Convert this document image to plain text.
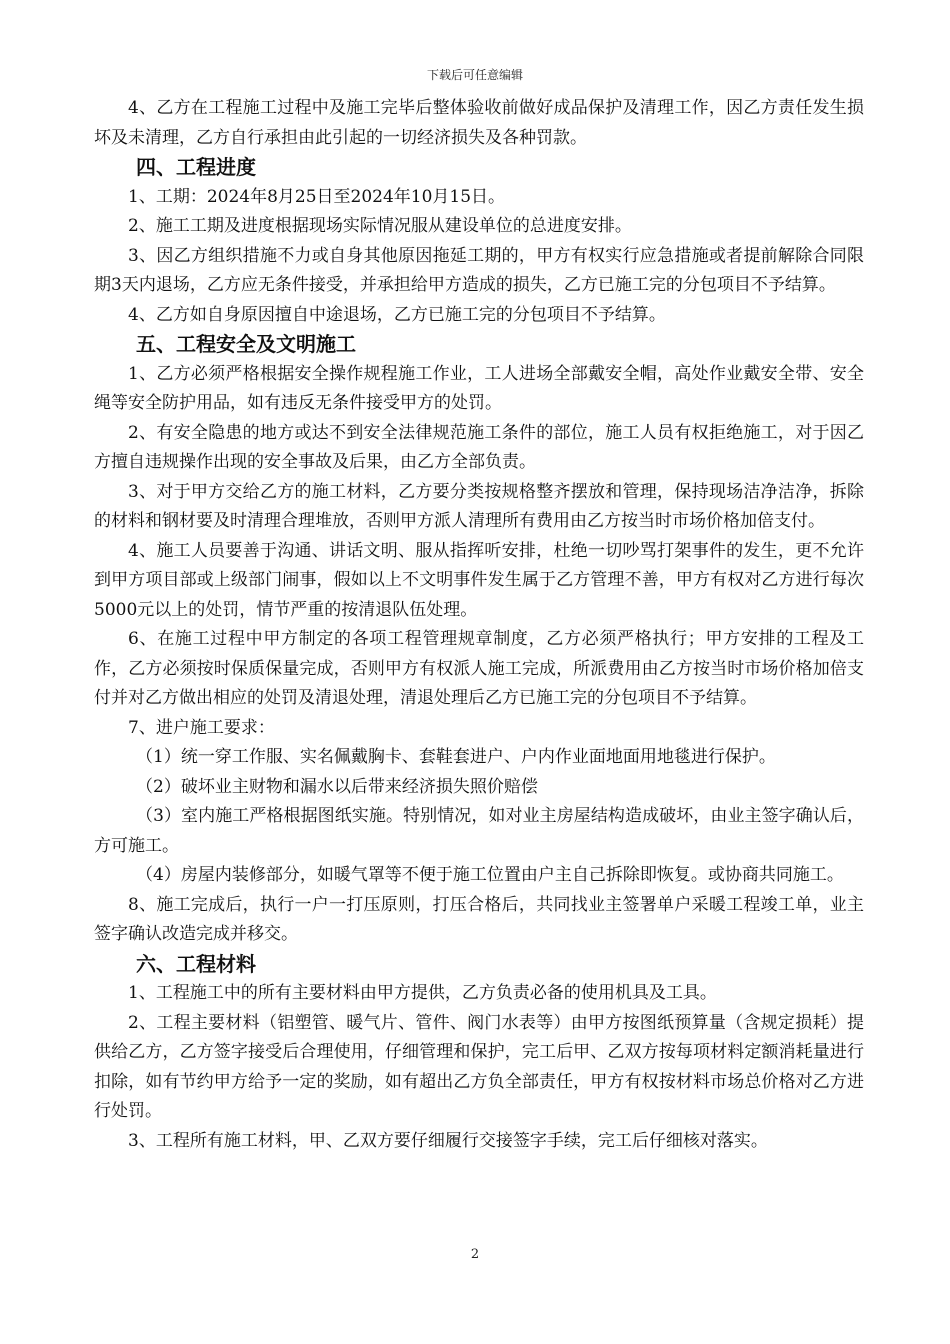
下载后可任意编辑

4、乙方在工程施工过程中及施工完毕后整体验收前做好成品保护及清理工作，因乙方责任发生损坏及未清理，乙方自行承担由此引起的一切经济损失及各种罚款。

四、工程进度

1、工期：2024年8月25日至2024年10月15日。

2、施工工期及进度根据现场实际情况服从建设单位的总进度安排。

3、因乙方组织措施不力或自身其他原因拖延工期的，甲方有权实行应急措施或者提前解除合同限期3天内退场，乙方应无条件接受，并承担给甲方造成的损失，乙方已施工完的分包项目不予结算。

4、乙方如自身原因擅自中途退场，乙方已施工完的分包项目不予结算。

五、工程安全及文明施工

1、乙方必须严格根据安全操作规程施工作业，工人进场全部戴安全帽，高处作业戴安全带、安全绳等安全防护用品，如有违反无条件接受甲方的处罚。

2、有安全隐患的地方或达不到安全法律规范施工条件的部位，施工人员有权拒绝施工，对于因乙方擅自违规操作出现的安全事故及后果，由乙方全部负责。

3、对于甲方交给乙方的施工材料，乙方要分类按规格整齐摆放和管理，保持现场洁净洁净，拆除的材料和钢材要及时清理合理堆放，否则甲方派人清理所有费用由乙方按当时市场价格加倍支付。

4、施工人员要善于沟通、讲话文明、服从指挥听安排，杜绝一切吵骂打架事件的发生，更不允许到甲方项目部或上级部门闹事，假如以上不文明事件发生属于乙方管理不善，甲方有权对乙方进行每次5000元以上的处罚，情节严重的按清退队伍处理。

6、在施工过程中甲方制定的各项工程管理规章制度，乙方必须严格执行；甲方安排的工程及工作，乙方必须按时保质保量完成，否则甲方有权派人施工完成，所派费用由乙方按当时市场价格加倍支付并对乙方做出相应的处罚及清退处理，清退处理后乙方已施工完的分包项目不予结算。

7、进户施工要求：

（1）统一穿工作服、实名佩戴胸卡、套鞋套进户、户内作业面地面用地毯进行保护。

（2）破坏业主财物和漏水以后带来经济损失照价赔偿

（3）室内施工严格根据图纸实施。特别情况，如对业主房屋结构造成破坏，由业主签字确认后，方可施工。

（4）房屋内装修部分，如暖气罩等不便于施工位置由户主自己拆除即恢复。或协商共同施工。

8、施工完成后，执行一户一打压原则，打压合格后，共同找业主签署单户采暖工程竣工单，业主签字确认改造完成并移交。

六、工程材料

1、工程施工中的所有主要材料由甲方提供，乙方负责必备的使用机具及工具。

2、工程主要材料（铝塑管、暖气片、管件、阀门水表等）由甲方按图纸预算量（含规定损耗）提供给乙方，乙方签字接受后合理使用，仔细管理和保护，完工后甲、乙双方按每项材料定额消耗量进行扣除，如有节约甲方给予一定的奖励，如有超出乙方负全部责任，甲方有权按材料市场总价格对乙方进行处罚。

3、工程所有施工材料，甲、乙双方要仔细履行交接签字手续，完工后仔细核对落实。

2
